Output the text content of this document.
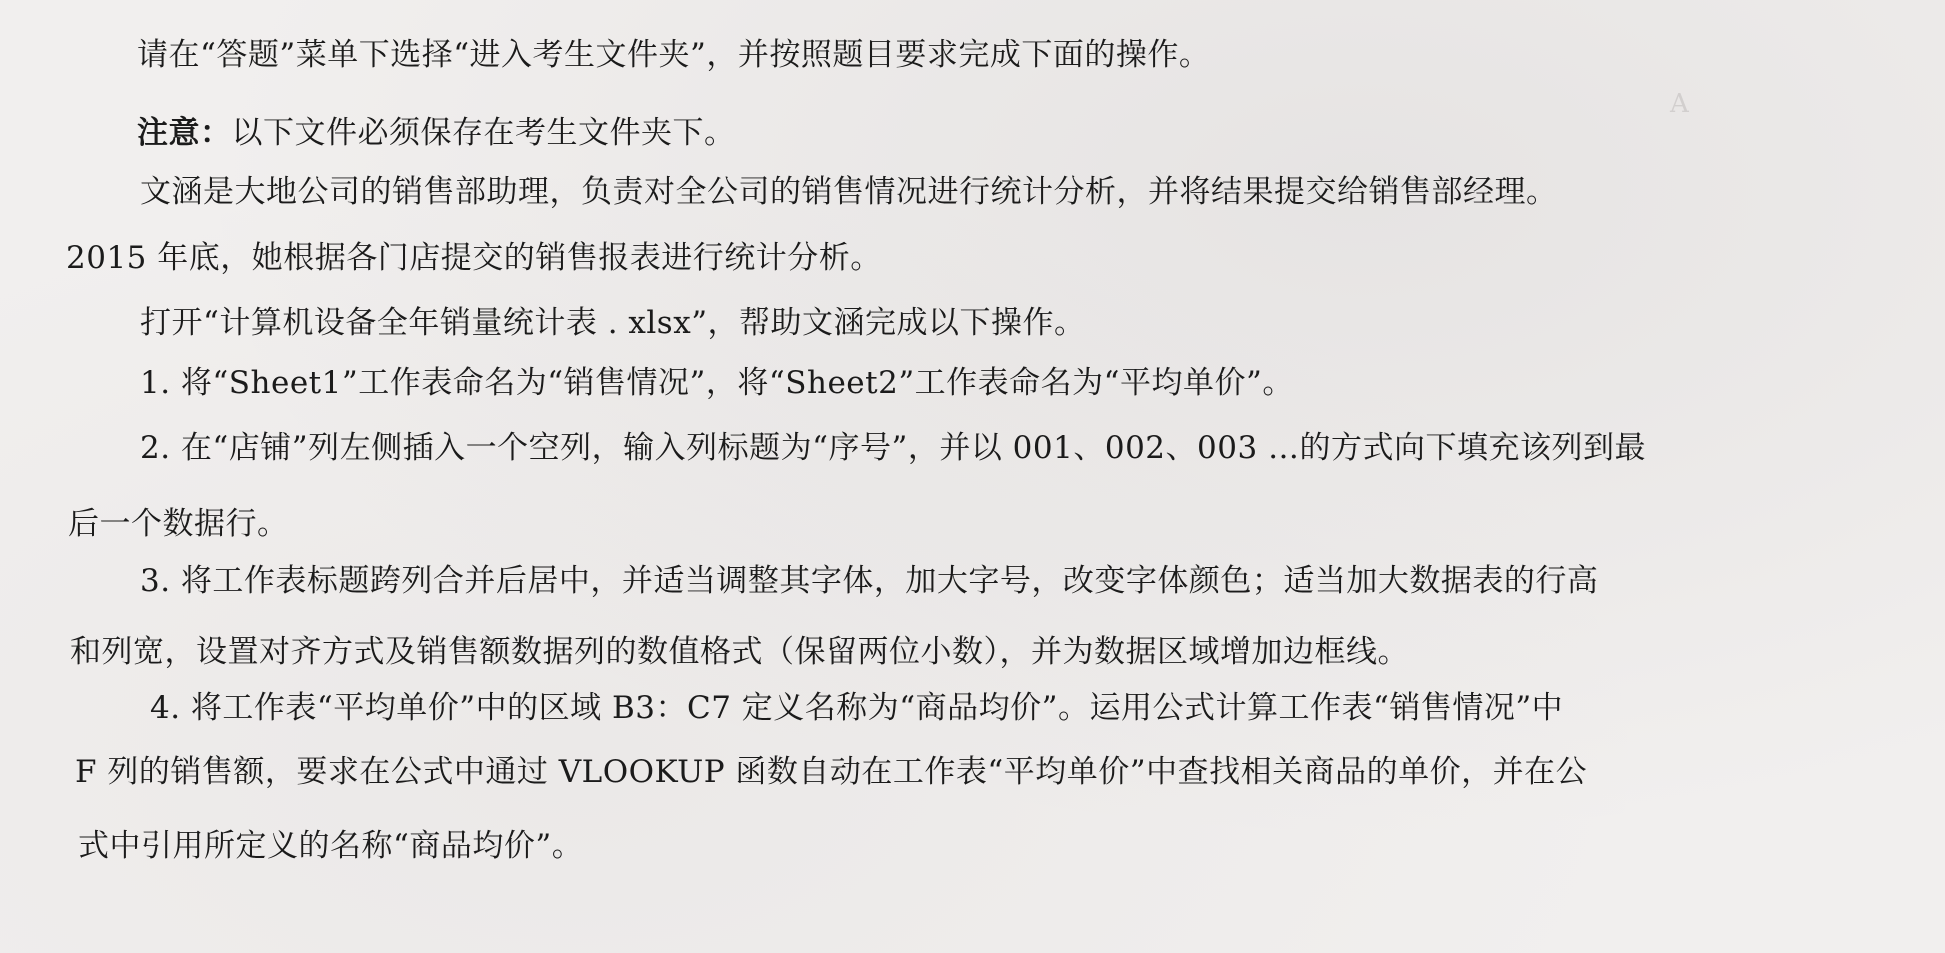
A
请在“答题”菜单下选择“进入考生文件夹”，并按照题目要求完成下面的操作。
注意：以下文件必须保存在考生文件夹下。
文涵是大地公司的销售部助理，负责对全公司的销售情况进行统计分析，并将结果提交给销售部经理。
2015 年底，她根据各门店提交的销售报表进行统计分析。
打开“计算机设备全年销量统计表 . xlsx”，帮助文涵完成以下操作。
1. 将“Sheet1”工作表命名为“销售情况”，将“Sheet2”工作表命名为“平均单价”。
2. 在“店铺”列左侧插入一个空列，输入列标题为“序号”，并以 001、002、003 …的方式向下填充该列到最
后一个数据行。
3. 将工作表标题跨列合并后居中，并适当调整其字体，加大字号，改变字体颜色；适当加大数据表的行高
和列宽，设置对齐方式及销售额数据列的数值格式（保留两位小数），并为数据区域增加边框线。
4. 将工作表“平均单价”中的区域 B3：C7 定义名称为“商品均价”。运用公式计算工作表“销售情况”中
F 列的销售额，要求在公式中通过 VLOOKUP 函数自动在工作表“平均单价”中查找相关商品的单价，并在公
式中引用所定义的名称“商品均价”。
